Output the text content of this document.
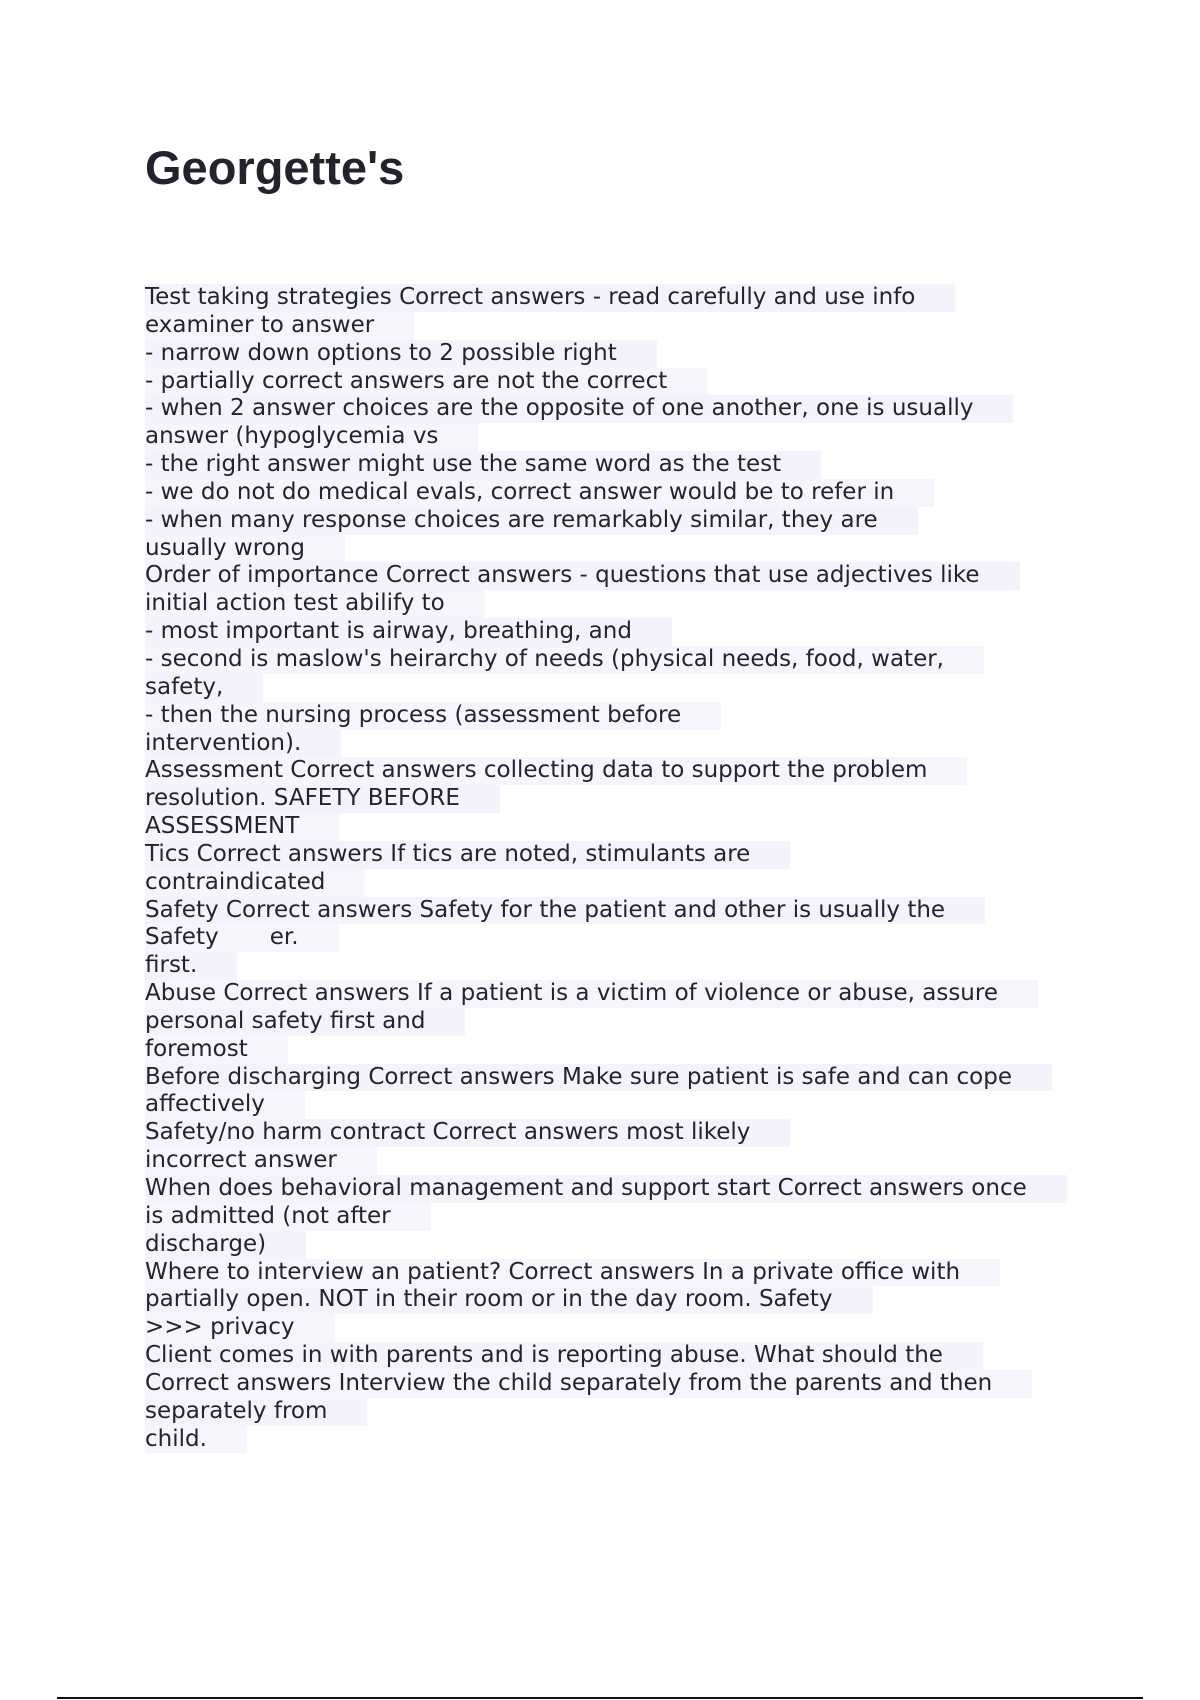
Georgette's
Test taking strategies Correct answers - read carefully and use info
examiner to answer
- narrow down options to 2 possible right
- partially correct answers are not the correct
- when 2 answer choices are the opposite of one another, one is usually
answer (hypoglycemia vs
- the right answer might use the same word as the test
- we do not do medical evals, correct answer would be to refer in
- when many response choices are remarkably similar, they are
usually wrong
Order of importance Correct answers - questions that use adjectives like
initial action test abilify to
- most important is airway, breathing, and
- second is maslow's heirarchy of needs (physical needs, food, water,
safety,
- then the nursing process (assessment before
intervention).
Assessment Correct answers collecting data to support the problem
resolution. SAFETY BEFORE
ASSESSMENT
Tics Correct answers If tics are noted, stimulants are
contraindicated
Safety Correct answers Safety for the patient and other is usually the
Safety       er.
first.
Abuse Correct answers If a patient is a victim of violence or abuse, assure
personal safety first and
foremost
Before discharging Correct answers Make sure patient is safe and can cope
affectively
Safety/no harm contract Correct answers most likely
incorrect answer
When does behavioral management and support start Correct answers once
is admitted (not after
discharge)
Where to interview an patient? Correct answers In a private office with
partially open. NOT in their room or in the day room. Safety
>>> privacy
Client comes in with parents and is reporting abuse. What should the
Correct answers Interview the child separately from the parents and then
separately from
child.
